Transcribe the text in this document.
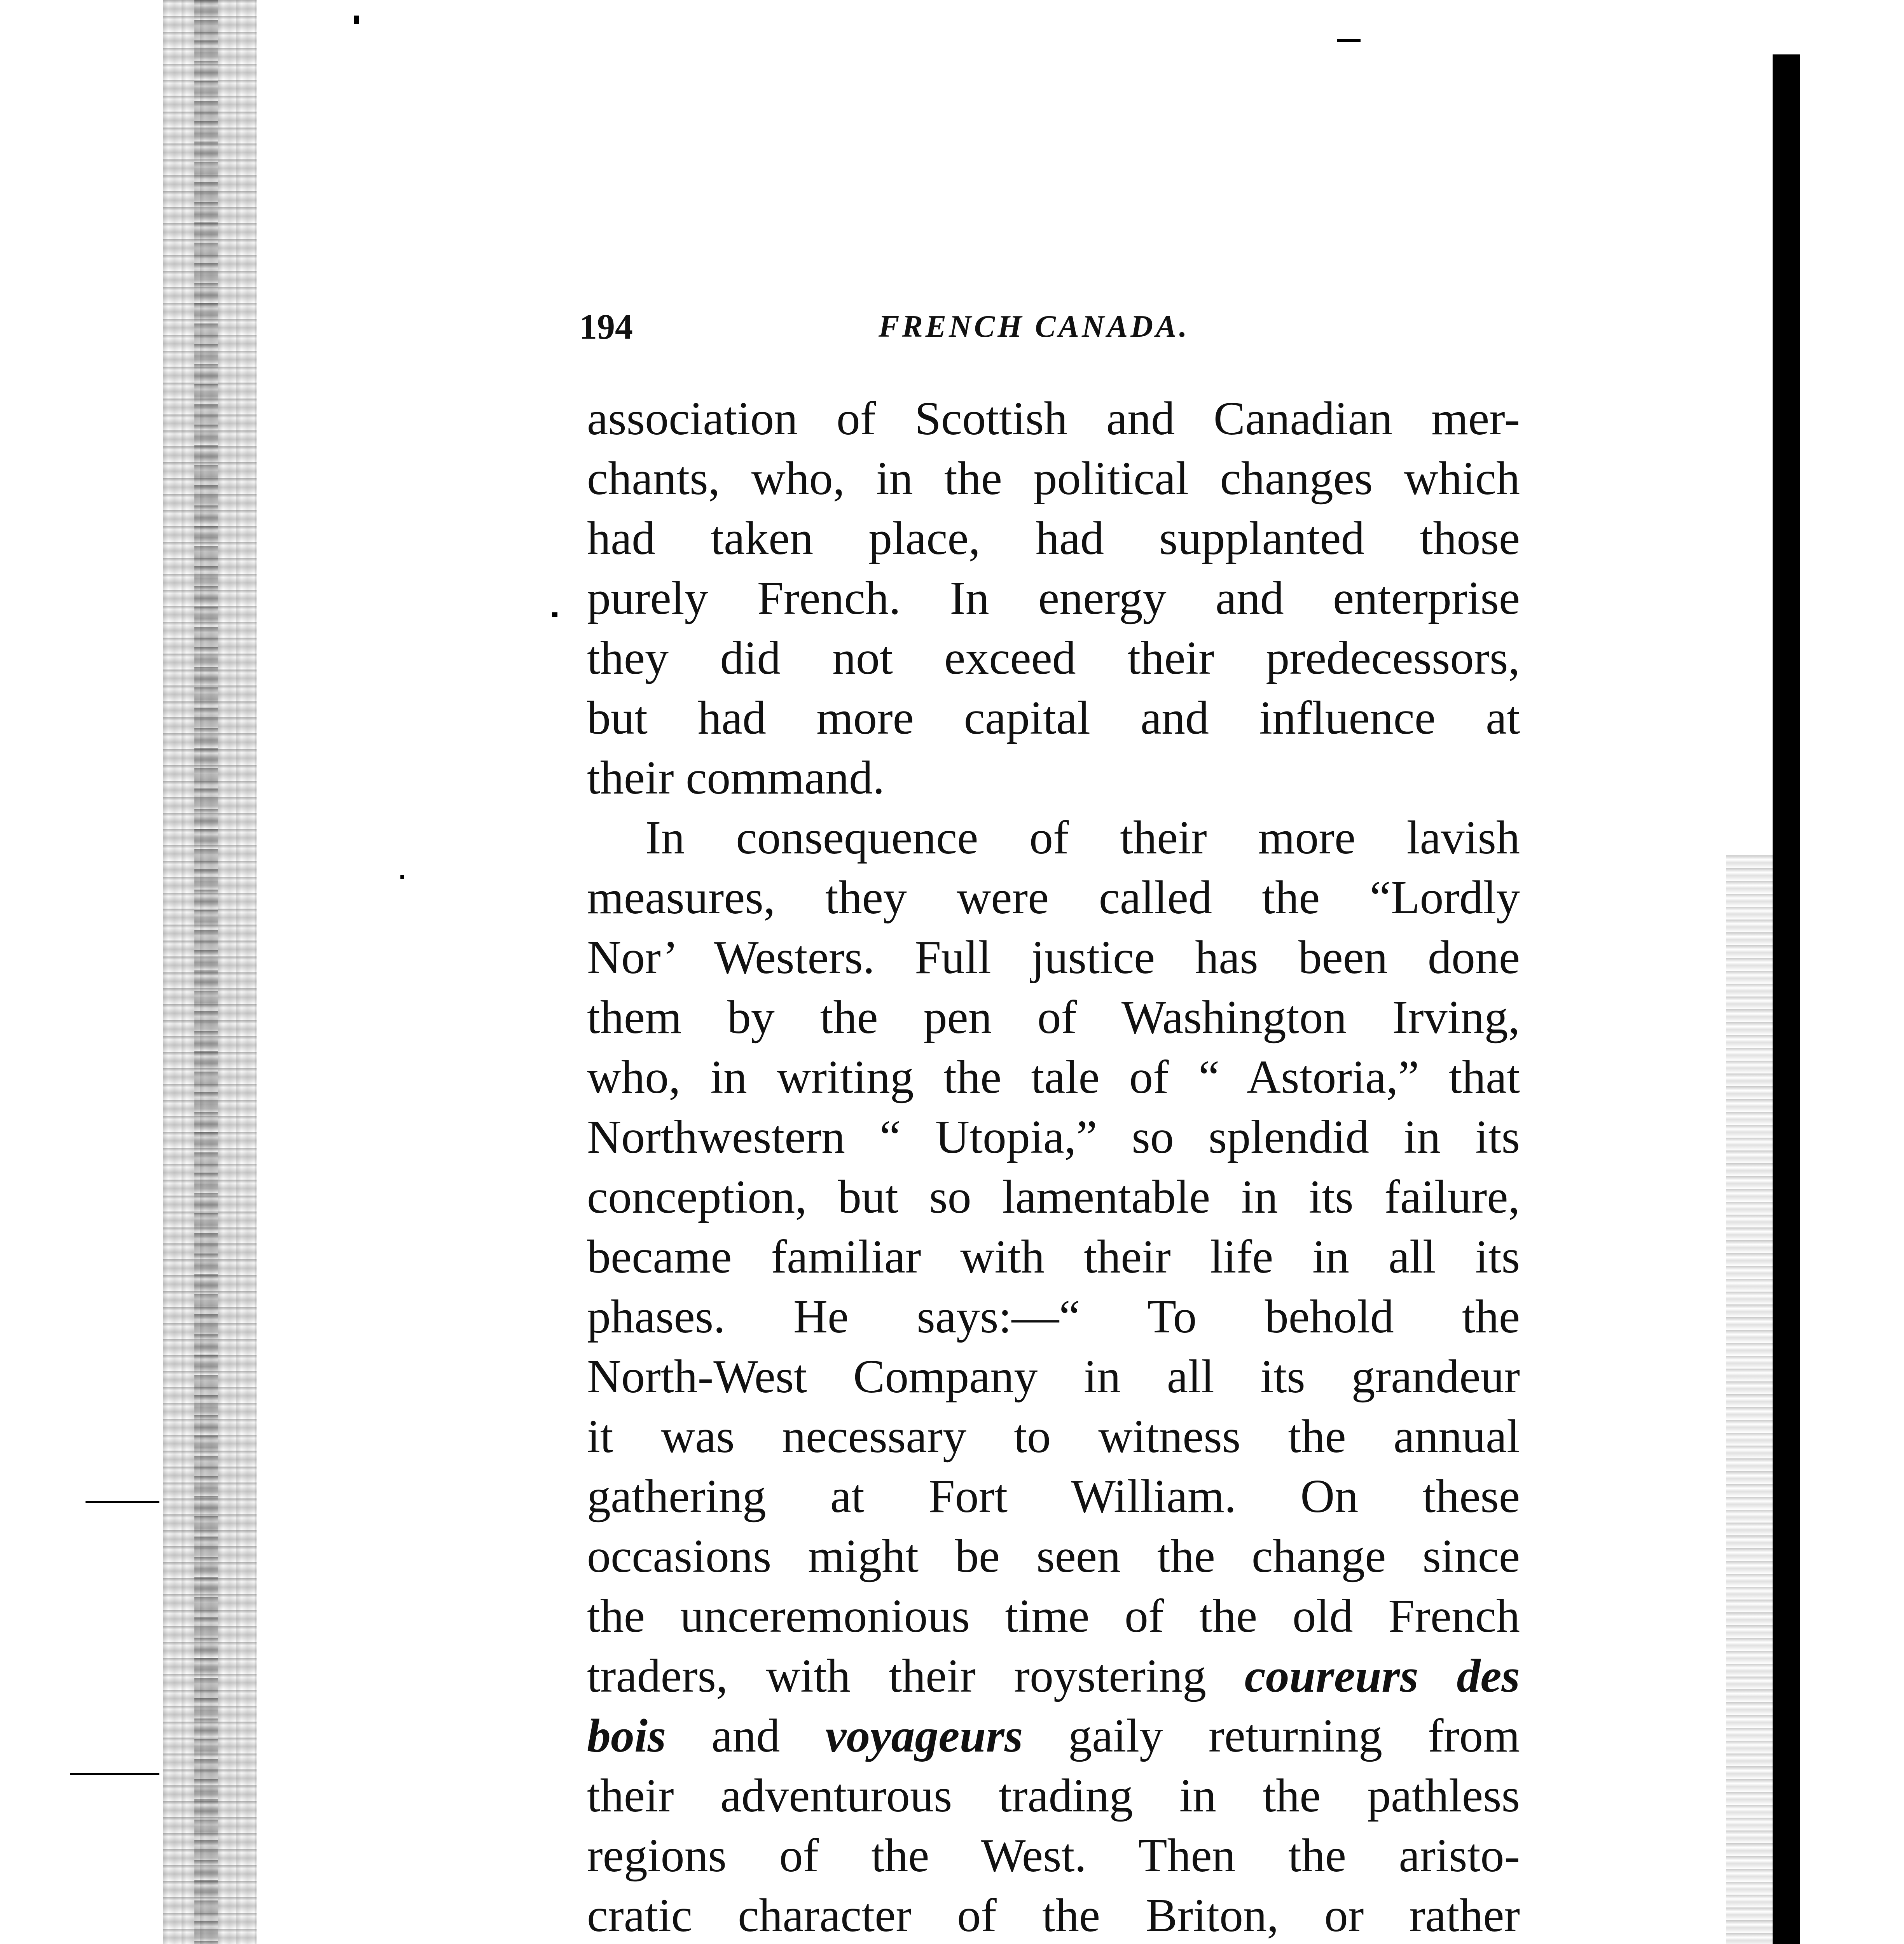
194	FRENCH CANADA.
association of Scottish and Canadian mer-
chants, who, in the political changes which
had taken place, had supplanted those
purely French. In energy and enterprise
they did not exceed their predecessors,
but had more capital and influence at
their command.
In consequence of their more lavish
measures, they were called the “Lordly
Nor’ Westers. Full justice has been done
them by the pen of Washington Irving,
who, in writing the tale of “ Astoria,” that
Northwestern “ Utopia,” so splendid in its
conception, but so lamentable in its failure,
became familiar with their life in all its
phases. He says:—“ To behold the
North-West Company in all its grandeur
it was necessary to witness the annual
gathering at Fort William. On these
occasions might be seen the change since
the unceremonious time of the old French
traders, with their roystering coureurs des
bois and voyageurs gaily returning from
their adventurous trading in the pathless
regions of the West. Then the aristo-
cratic character of the Briton, or rather
